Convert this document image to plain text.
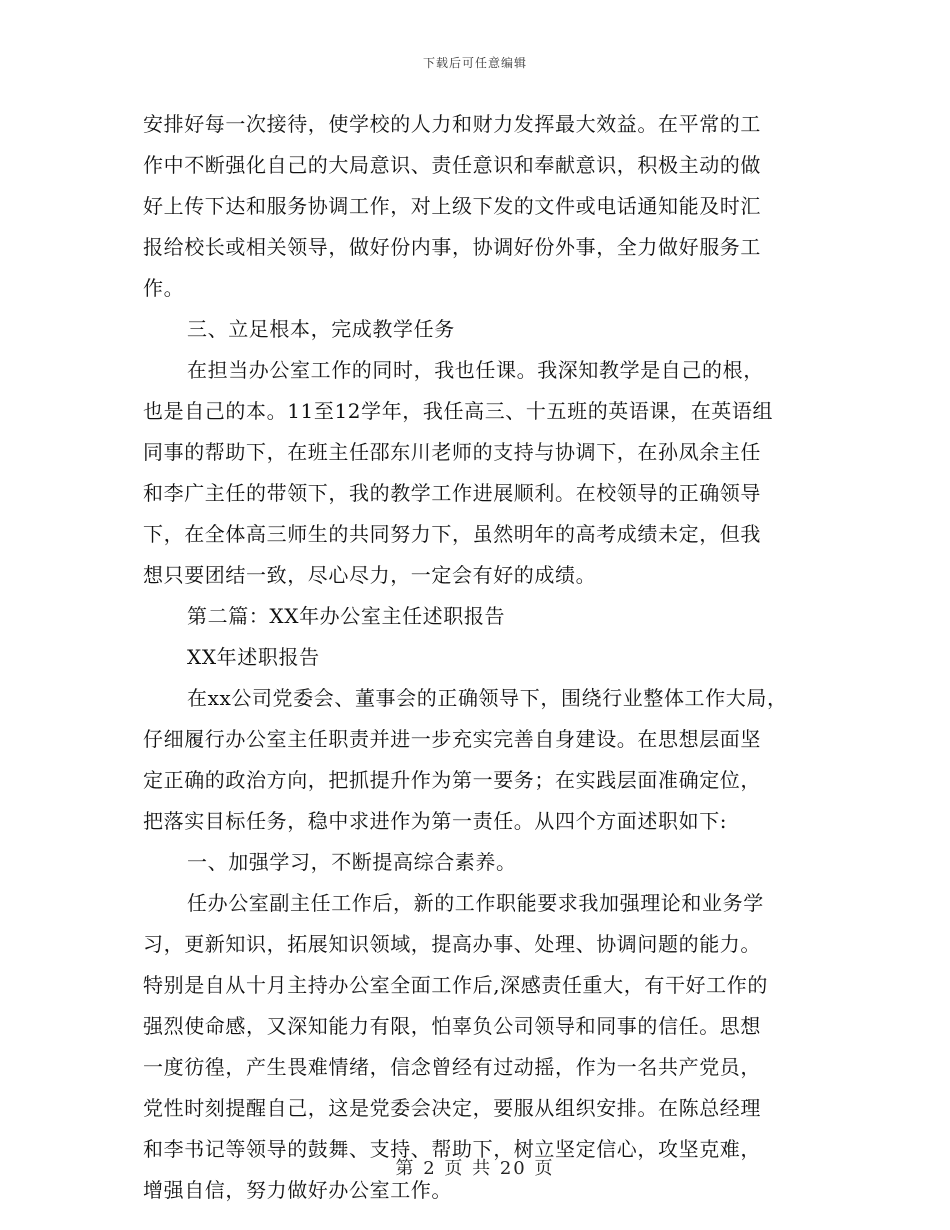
下载后可任意编辑
安排好每一次接待，使学校的人力和财力发挥最大效益。在平常的工
作中不断强化自己的大局意识、责任意识和奉献意识，积极主动的做
好上传下达和服务协调工作，对上级下发的文件或电话通知能及时汇
报给校长或相关领导，做好份内事，协调好份外事，全力做好服务工
作。
三、立足根本，完成教学任务
在担当办公室工作的同时，我也任课。我深知教学是自己的根，
也是自己的本。11至12学年，我任高三、十五班的英语课，在英语组
同事的帮助下，在班主任邵东川老师的支持与协调下，在孙凤余主任
和李广主任的带领下，我的教学工作进展顺利。在校领导的正确领导
下，在全体高三师生的共同努力下，虽然明年的高考成绩未定，但我
想只要团结一致，尽心尽力，一定会有好的成绩。
第二篇：XX年办公室主任述职报告
XX年述职报告
在xx公司党委会、董事会的正确领导下，围绕行业整体工作大局，
仔细履行办公室主任职责并进一步充实完善自身建设。在思想层面坚
定正确的政治方向，把抓提升作为第一要务；在实践层面准确定位，
把落实目标任务，稳中求进作为第一责任。从四个方面述职如下:
一、加强学习，不断提高综合素养。
任办公室副主任工作后，新的工作职能要求我加强理论和业务学
习，更新知识，拓展知识领域，提高办事、处理、协调问题的能力。
特别是自从十月主持办公室全面工作后,深感责任重大，有干好工作的
强烈使命感，又深知能力有限，怕辜负公司领导和同事的信任。思想
一度彷徨，产生畏难情绪，信念曾经有过动摇，作为一名共产党员，
党性时刻提醒自己，这是党委会决定，要服从组织安排。在陈总经理
和李书记等领导的鼓舞、支持、帮助下，树立坚定信心，攻坚克难，
增强自信，努力做好办公室工作。
第 2 页 共 20 页
